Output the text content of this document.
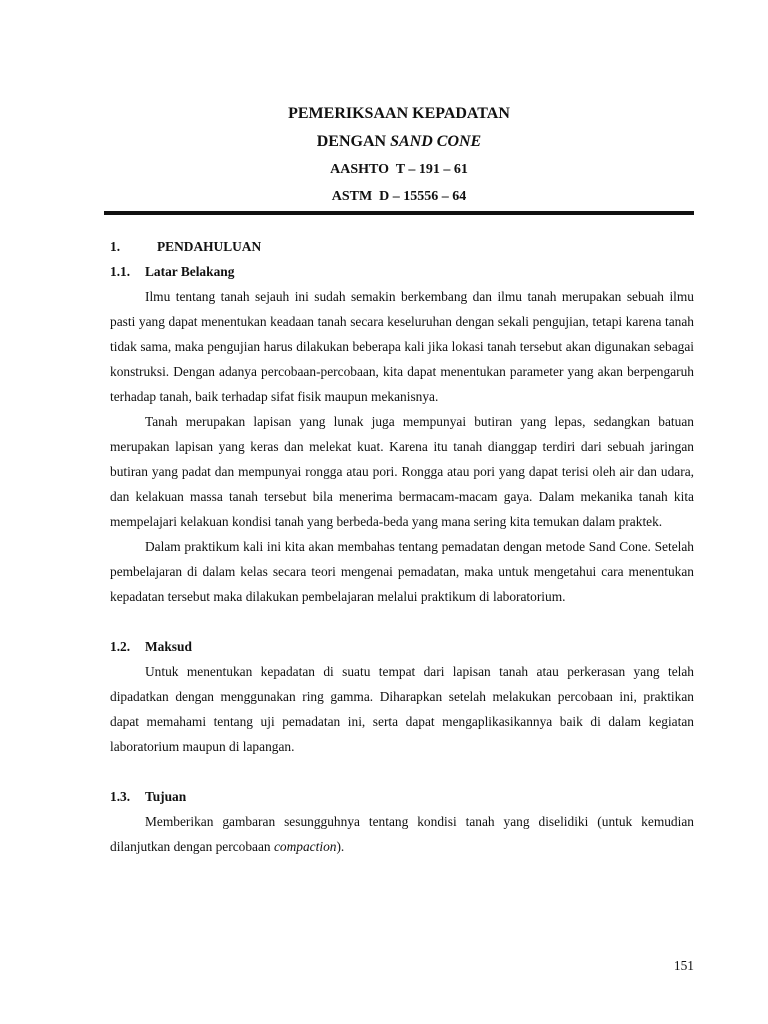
PEMERIKSAAN KEPADATAN
DENGAN SAND CONE
AASHTO  T – 191 – 61
ASTM  D – 15556 – 64
1.	PENDAHULUAN
1.1.	Latar Belakang

Ilmu tentang tanah sejauh ini sudah semakin berkembang dan ilmu tanah merupakan sebuah ilmu pasti yang dapat menentukan keadaan tanah secara keseluruhan dengan sekali pengujian, tetapi karena tanah tidak sama, maka pengujian harus dilakukan beberapa kali jika lokasi tanah tersebut akan digunakan sebagai konstruksi. Dengan adanya percobaan-percobaan, kita dapat menentukan parameter yang akan berpengaruh terhadap tanah, baik terhadap sifat fisik maupun mekanisnya.

Tanah merupakan lapisan yang lunak juga mempunyai butiran yang lepas, sedangkan batuan merupakan lapisan yang keras dan melekat kuat. Karena itu tanah dianggap terdiri dari sebuah jaringan butiran yang padat dan mempunyai rongga atau pori. Rongga atau pori yang dapat terisi oleh air dan udara, dan kelakuan massa tanah tersebut bila menerima bermacam-macam gaya. Dalam mekanika tanah kita mempelajari kelakuan kondisi tanah yang berbeda-beda yang mana sering kita temukan dalam praktek.

Dalam praktikum kali ini kita akan membahas tentang pemadatan dengan metode Sand Cone. Setelah pembelajaran di dalam kelas secara teori mengenai pemadatan, maka untuk mengetahui cara menentukan kepadatan tersebut maka dilakukan pembelajaran melalui praktikum di laboratorium.

1.2.	Maksud

Untuk menentukan kepadatan di suatu tempat dari lapisan tanah atau perkerasan yang telah dipadatkan dengan menggunakan ring gamma. Diharapkan setelah melakukan percobaan ini, praktikan dapat memahami tentang uji pemadatan ini, serta dapat mengaplikasikannya baik di dalam kegiatan laboratorium maupun di lapangan.

1.3.	Tujuan

Memberikan gambaran sesungguhnya tentang kondisi tanah yang diselidiki (untuk kemudian dilanjutkan dengan percobaan compaction).

151
